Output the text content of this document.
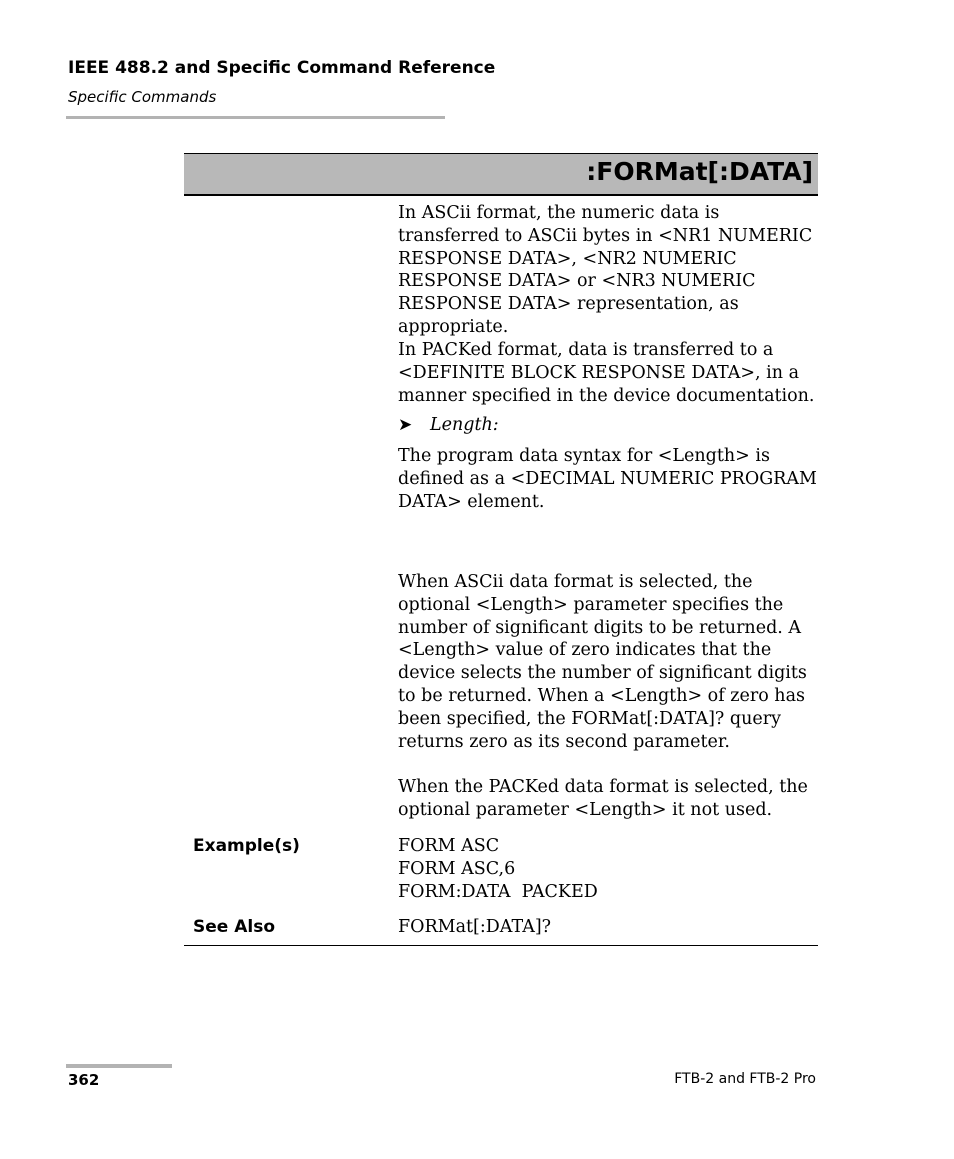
IEEE 488.2 and Specific Command Reference
Specific Commands
:FORMat[:DATA]

In ASCii format, the numeric data is transferred to ASCii bytes in <NR1 NUMERIC RESPONSE DATA>, <NR2 NUMERIC RESPONSE DATA> or <NR3 NUMERIC RESPONSE DATA> representation, as appropriate.

In PACKed format, data is transferred to a <DEFINITE BLOCK RESPONSE DATA>, in a manner specified in the device documentation.

➤	Length:

The program data syntax for <Length> is defined as a <DECIMAL NUMERIC PROGRAM DATA> element.

When ASCii data format is selected, the optional <Length> parameter specifies the number of significant digits to be returned. A <Length> value of zero indicates that the device selects the number of significant digits to be returned. When a <Length> of zero has been specified, the FORMat[:DATA]? query returns zero as its second parameter.

When the PACKed data format is selected, the optional parameter <Length> it not used.

Example(s)	FORM ASC
FORM ASC,6
FORM:DATA  PACKED
See Also	FORMat[:DATA]?
362	FTB-2 and FTB-2 Pro
